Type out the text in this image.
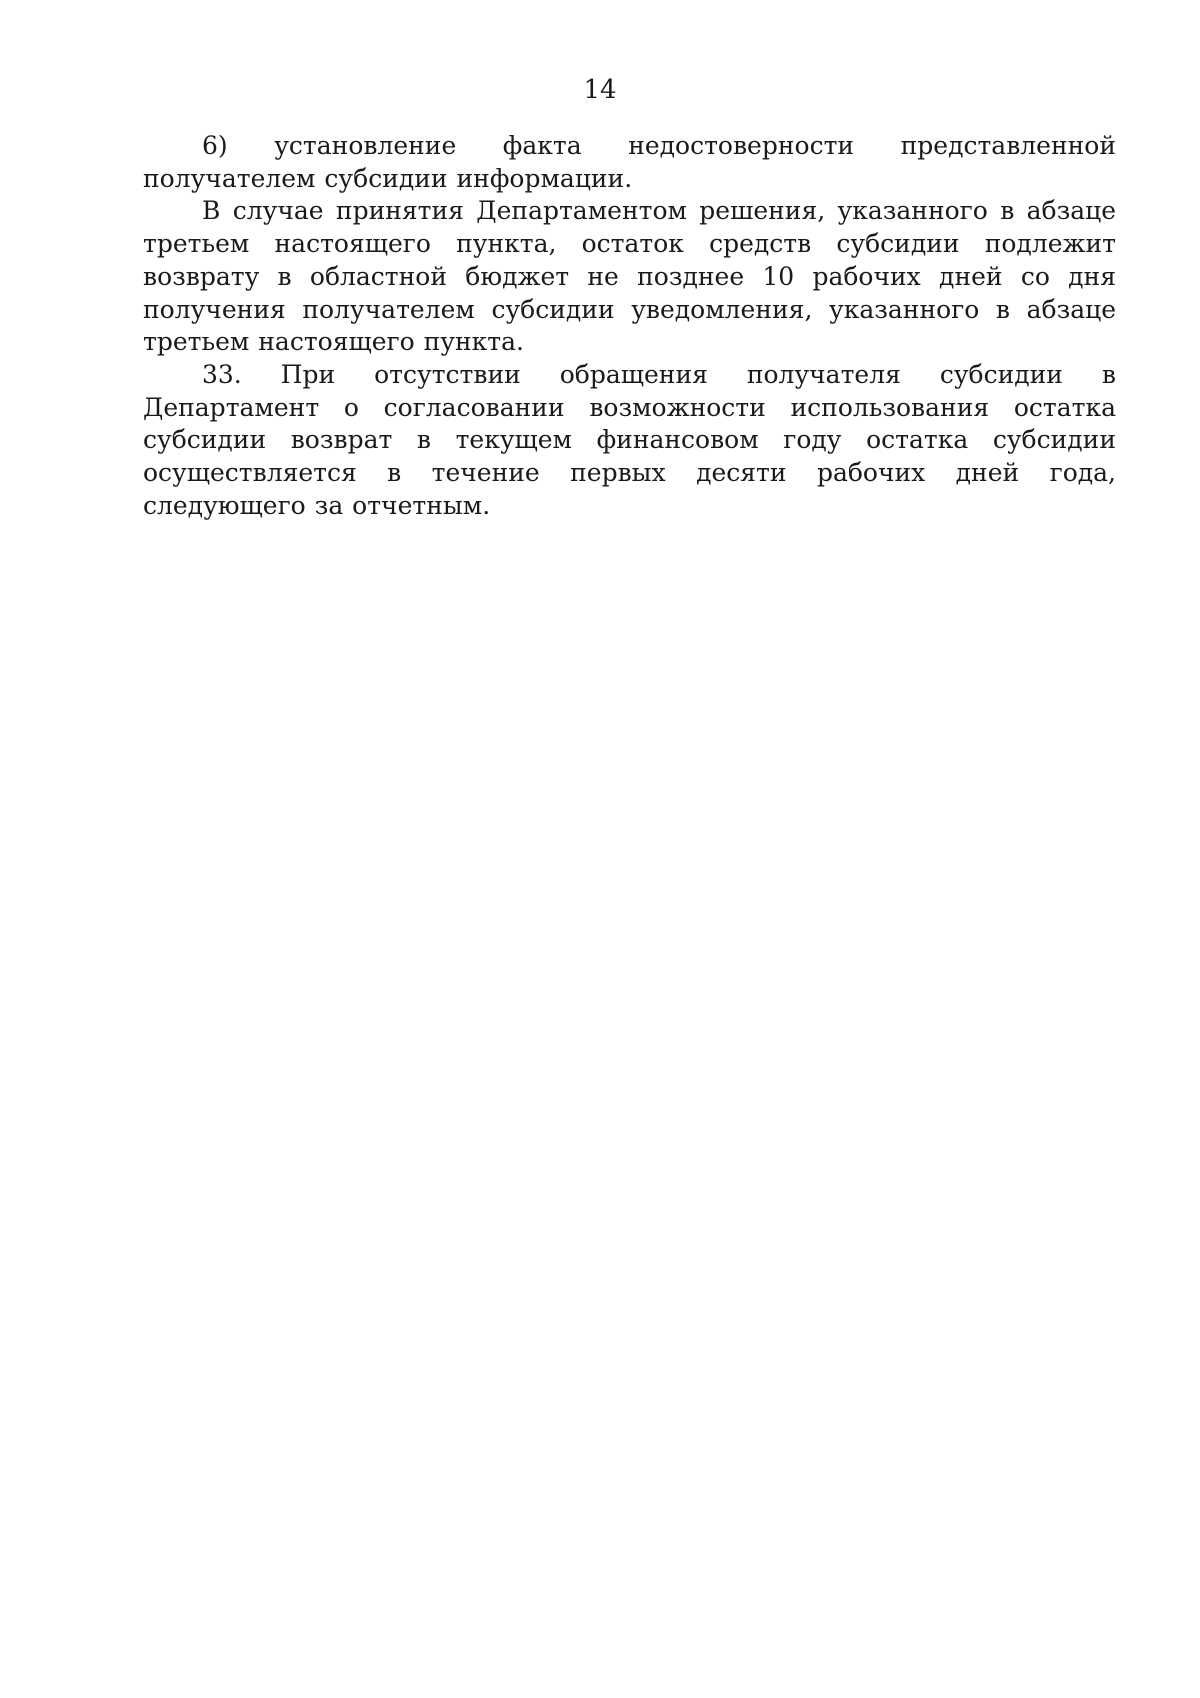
14

6) установление факта недостоверности представленной получателем субсидии информации.

В случае принятия Департаментом решения, указанного в абзаце третьем настоящего пункта, остаток средств субсидии подлежит возврату в областной бюджет не позднее 10 рабочих дней со дня получения получателем субсидии уведомления, указанного в абзаце третьем настоящего пункта.

33. При отсутствии обращения получателя субсидии в Департамент о согласовании возможности использования остатка субсидии возврат в текущем финансовом году остатка субсидии осуществляется в течение первых десяти рабочих дней года, следующего за отчетным.
